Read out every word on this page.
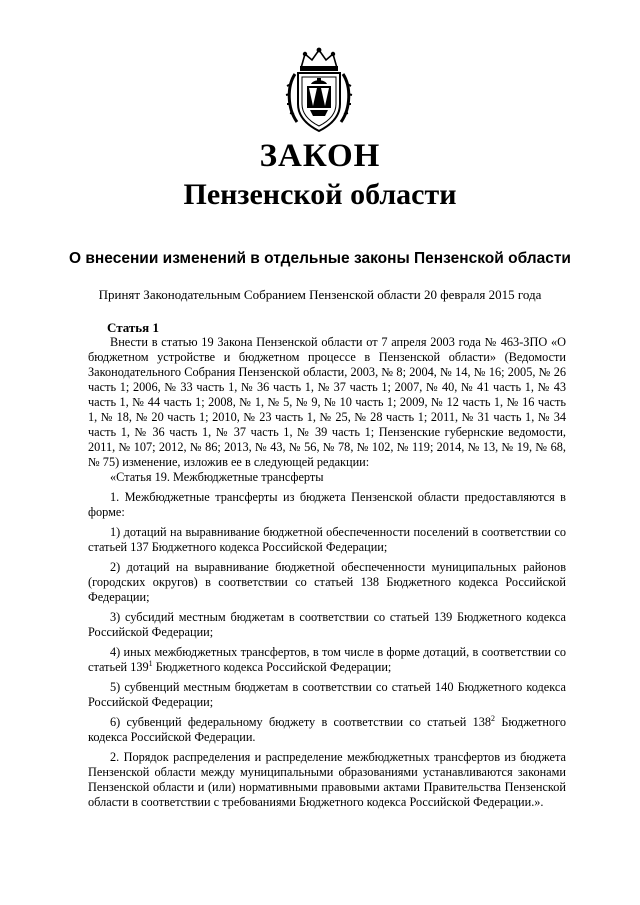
ЗАКОН
Пензенской области
О внесении изменений в отдельные законы Пензенской области
Принят Законодательным Собранием Пензенской области 20 февраля 2015 года
Статья 1

Внести в статью 19 Закона Пензенской области от 7 апреля 2003 года № 463-ЗПО «О бюджетном устройстве и бюджетном процессе в Пензенской области» (Ведомости Законодательного Собрания Пензенской области, 2003, № 8; 2004, № 14, № 16; 2005, № 26 часть 1; 2006, № 33 часть 1, № 36 часть 1, № 37 часть 1; 2007, № 40, № 41 часть 1, № 43 часть 1, № 44 часть 1; 2008, № 1, № 5, № 9, № 10 часть 1; 2009, № 12 часть 1, № 16 часть 1, № 18, № 20 часть 1; 2010, № 23 часть 1, № 25, № 28 часть 1; 2011, № 31 часть 1, № 34 часть 1, № 36 часть 1, № 37 часть 1, № 39 часть 1; Пензенские губернские ведомости, 2011, № 107; 2012, № 86; 2013, № 43, № 56, № 78, № 102, № 119; 2014, № 13, № 19, № 68, № 75) изменение, изложив ее в следующей редакции:

«Статья 19. Межбюджетные трансферты

1. Межбюджетные трансферты из бюджета Пензенской области предоставляются в форме:

1) дотаций на выравнивание бюджетной обеспеченности поселений в соответствии со статьей 137 Бюджетного кодекса Российской Федерации;

2) дотаций на выравнивание бюджетной обеспеченности муниципальных районов (городских округов) в соответствии со статьей 138 Бюджетного кодекса Российской Федерации;

3) субсидий местным бюджетам в соответствии со статьей 139 Бюджетного кодекса Российской Федерации;

4) иных межбюджетных трансфертов, в том числе в форме дотаций, в соответствии со статьей $139^1$ Бюджетного кодекса Российской Федерации;

5) субвенций местным бюджетам в соответствии со статьей 140 Бюджетного кодекса Российской Федерации;

6) субвенций федеральному бюджету в соответствии со статьей $138^2$ Бюджетного кодекса Российской Федерации.

2. Порядок распределения и распределение межбюджетных трансфертов из бюджета Пензенской области между муниципальными образованиями устанавливаются законами Пензенской области и (или) нормативными правовыми актами Правительства Пензенской области в соответствии с требованиями Бюджетного кодекса Российской Федерации.».
